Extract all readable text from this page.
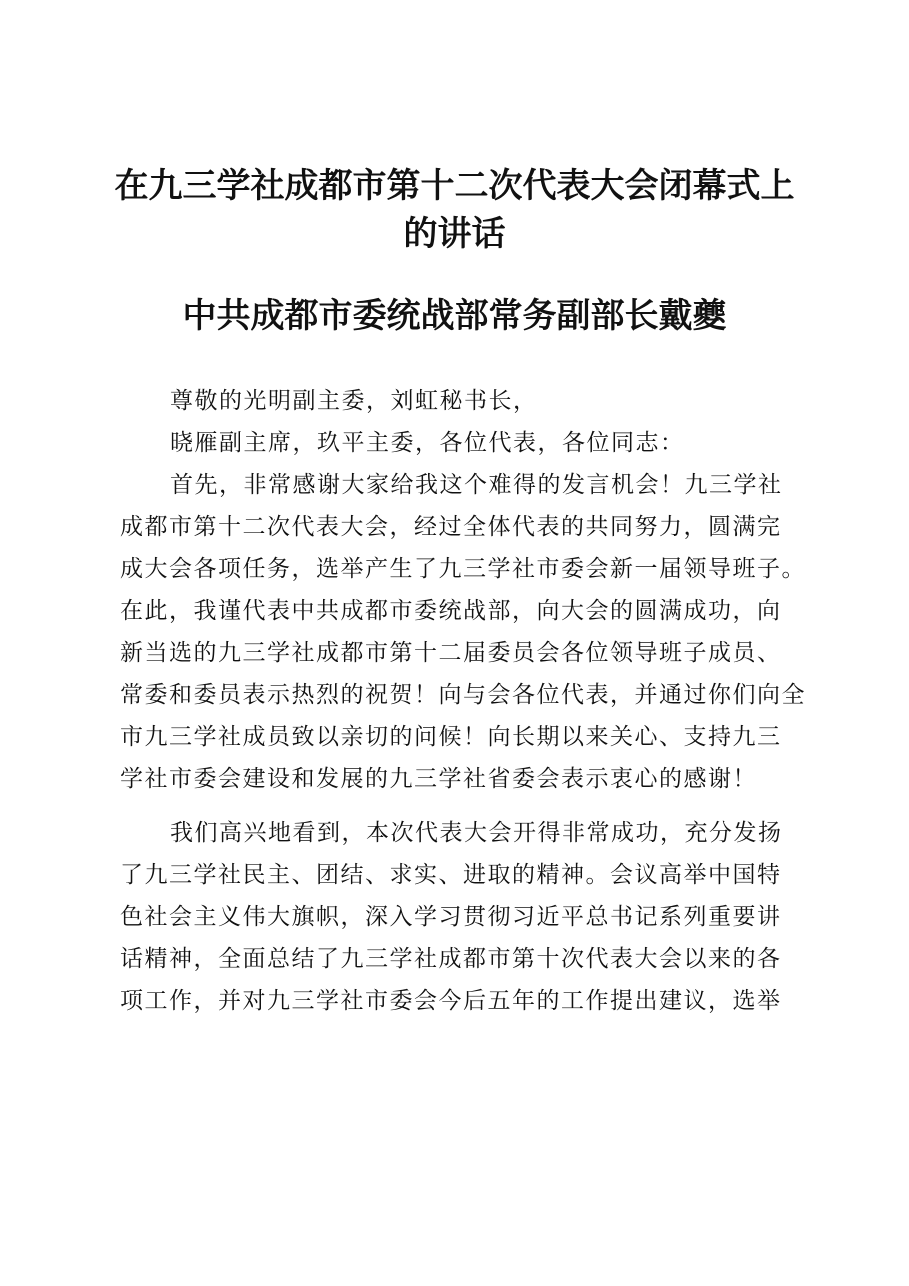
在九三学社成都市第十二次代表大会闭幕式上
的讲话
中共成都市委统战部常务副部长戴夔
尊敬的光明副主委，刘虹秘书长，
晓雁副主席，玖平主委，各位代表，各位同志：
首先，非常感谢大家给我这个难得的发言机会！九三学社
成都市第十二次代表大会，经过全体代表的共同努力，圆满完
成大会各项任务，选举产生了九三学社市委会新一届领导班子。
在此，我谨代表中共成都市委统战部，向大会的圆满成功，向
新当选的九三学社成都市第十二届委员会各位领导班子成员、
常委和委员表示热烈的祝贺！向与会各位代表，并通过你们向全
市九三学社成员致以亲切的问候！向长期以来关心、支持九三
学社市委会建设和发展的九三学社省委会表示衷心的感谢！
我们高兴地看到，本次代表大会开得非常成功，充分发扬
了九三学社民主、团结、求实、进取的精神。会议高举中国特
色社会主义伟大旗帜，深入学习贯彻习近平总书记系列重要讲
话精神，全面总结了九三学社成都市第十次代表大会以来的各
项工作，并对九三学社市委会今后五年的工作提出建议，选举
